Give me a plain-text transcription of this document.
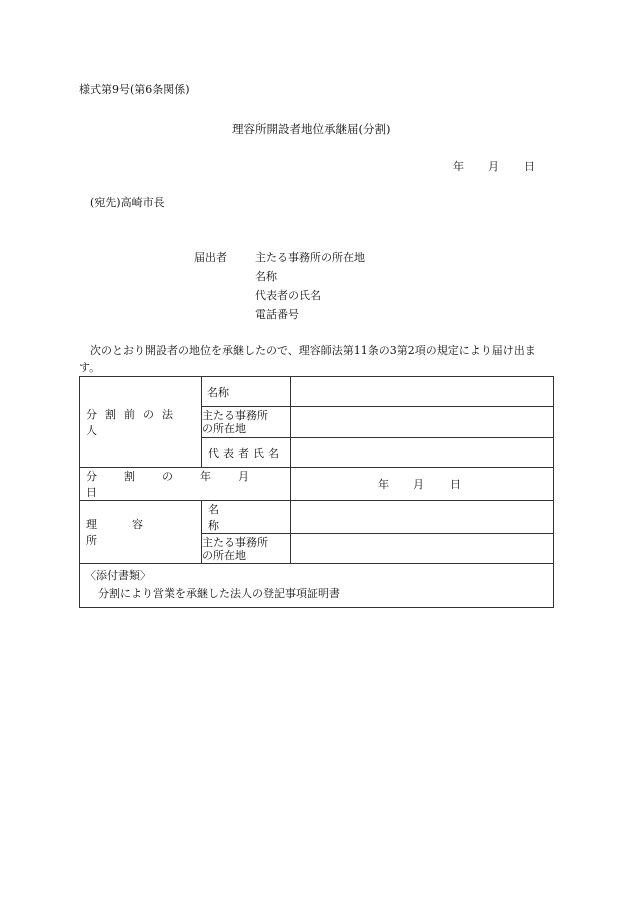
様式第9号(第6条関係)
理容所開設者地位承継届(分割)
年 月 日
(宛先)高崎市長
届出者	主たる事務所の所在地
名称
代表者の氏名
電話番号
次のとおり開設者の地位を承継したので、理容師法第11条の3第2項の規定により届け出ます。
分割前の法人	名称	

主たる事務所
の所在地	

	代表者氏名	

分割の年月日		年 月 日

理容所	名称	

主たる事務所
の所在地	

〈添付書類〉
分割により営業を承継した法人の登記事項証明書		
